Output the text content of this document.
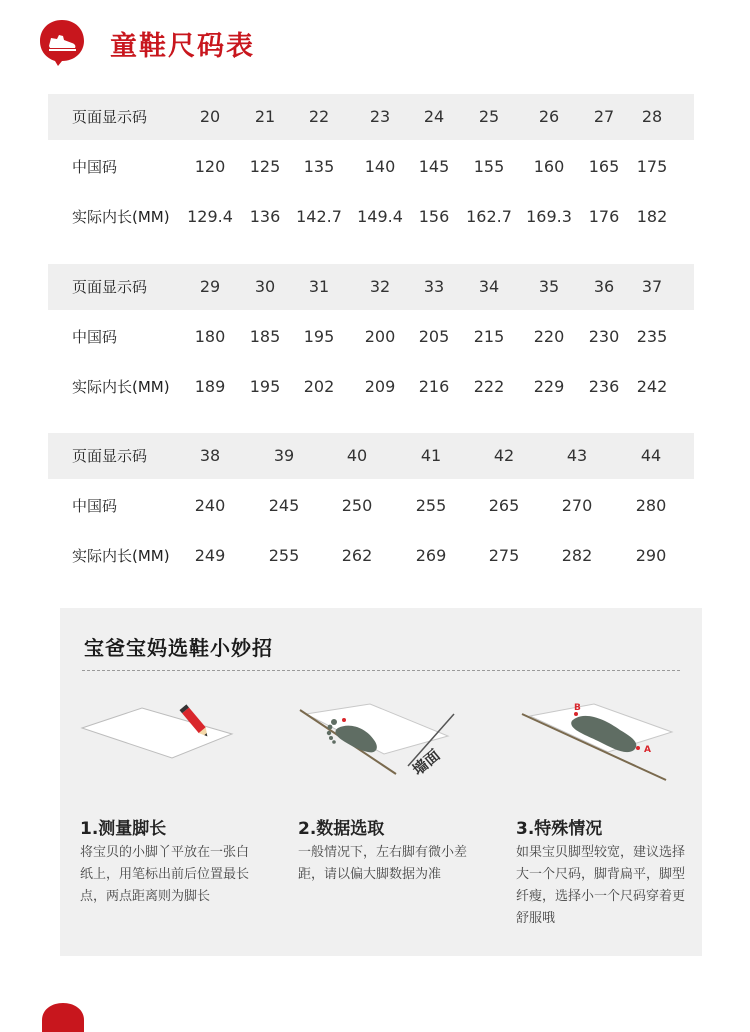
童鞋尺码表
页面显示码	20 21 22	23 24 25 26 27 28
中国码	120 125 135 140 145 155 160 165 175
实际内长(MM) 129.4 136 142.7 149.4 156 162.7 169.3 176 182
页面显示码	29 30 31	32 33 34 35 36 37
中国码	180 185 195 200 205 215 220 230 235
实际内长(MM) 189 195 202 209 216 222 229 236 242
页面显示码	38	39	40	41	42	43	44
中国码	240	245	250	255	265	270	280
实际内长(MM) 249	255	262	269	275	282	290
宝爸宝妈选鞋小妙招
1.测量脚长
将宝贝的小脚丫平放在一张白纸上，用笔标出前后位置最长点，两点距离则为脚长
墙面
2.数据选取
一般情况下，左右脚有微小差距，请以偏大脚数据为准
B
A
3.特殊情况
如果宝贝脚型较宽，建议选择大一个尺码，脚背扁平，脚型纤瘦，选择小一个尺码穿着更舒服哦
